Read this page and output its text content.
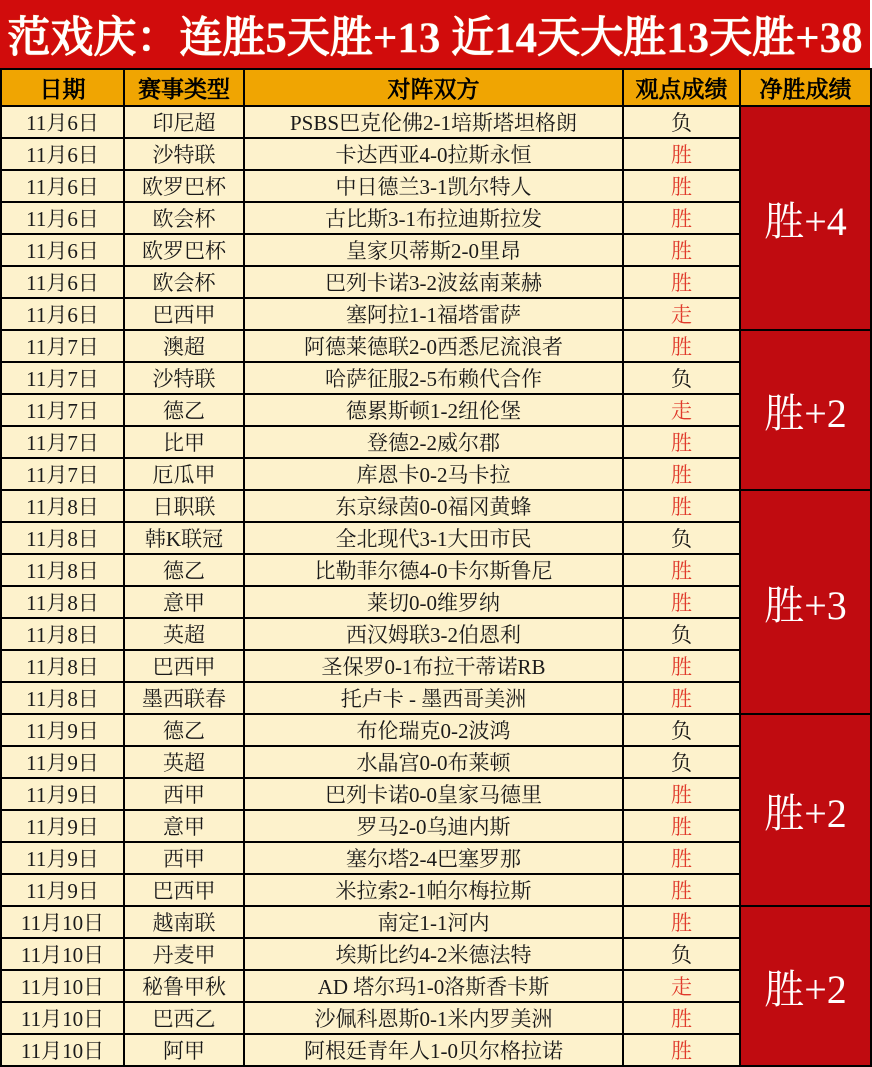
范戏庆：连胜5天胜+13 近14天大胜13天胜+38
日期	赛事类型	对阵双方	观点成绩	净胜成绩
11月6日	印尼超	PSBS巴克伦佛2-1培斯塔坦格朗	负	胜+4
11月6日	沙特联	卡达西亚4-0拉斯永恒	胜	
11月6日	欧罗巴杯	中日德兰3-1凯尔特人	胜	
11月6日	欧会杯	古比斯3-1布拉迪斯拉发	胜	
11月6日	欧罗巴杯	皇家贝蒂斯2-0里昂	胜	
11月6日	欧会杯	巴列卡诺3-2波兹南莱赫	胜	
11月6日	巴西甲	塞阿拉1-1福塔雷萨	走	
11月7日	澳超	阿德莱德联2-0西悉尼流浪者	胜	胜+2
11月7日	沙特联	哈萨征服2-5布赖代合作	负	
11月7日	德乙	德累斯顿1-2纽伦堡	走	
11月7日	比甲	登德2-2威尔郡	胜	
11月7日	厄瓜甲	库恩卡0-2马卡拉	胜	
11月8日	日职联	东京绿茵0-0福冈黄蜂	胜	胜+3
11月8日	韩K联冠	全北现代3-1大田市民	负	
11月8日	德乙	比勒菲尔德4-0卡尔斯鲁尼	胜	
11月8日	意甲	莱切0-0维罗纳	胜	
11月8日	英超	西汉姆联3-2伯恩利	负	
11月8日	巴西甲	圣保罗0-1布拉干蒂诺RB	胜	
11月8日	墨西联春	托卢卡 - 墨西哥美洲	胜	
11月9日	德乙	布伦瑞克0-2波鸿	负	胜+2
11月9日	英超	水晶宫0-0布莱顿	负	
11月9日	西甲	巴列卡诺0-0皇家马德里	胜	
11月9日	意甲	罗马2-0乌迪内斯	胜	
11月9日	西甲	塞尔塔2-4巴塞罗那	胜	
11月9日	巴西甲	米拉索2-1帕尔梅拉斯	胜	
11月10日	越南联	南定1-1河内	胜	胜+2
11月10日	丹麦甲	埃斯比约4-2米德法特	负	
11月10日	秘鲁甲秋	AD 塔尔玛1-0洛斯香卡斯	走	
11月10日	巴西乙	沙佩科恩斯0-1米内罗美洲	胜	
11月10日	阿甲	阿根廷青年人1-0贝尔格拉诺	胜	
